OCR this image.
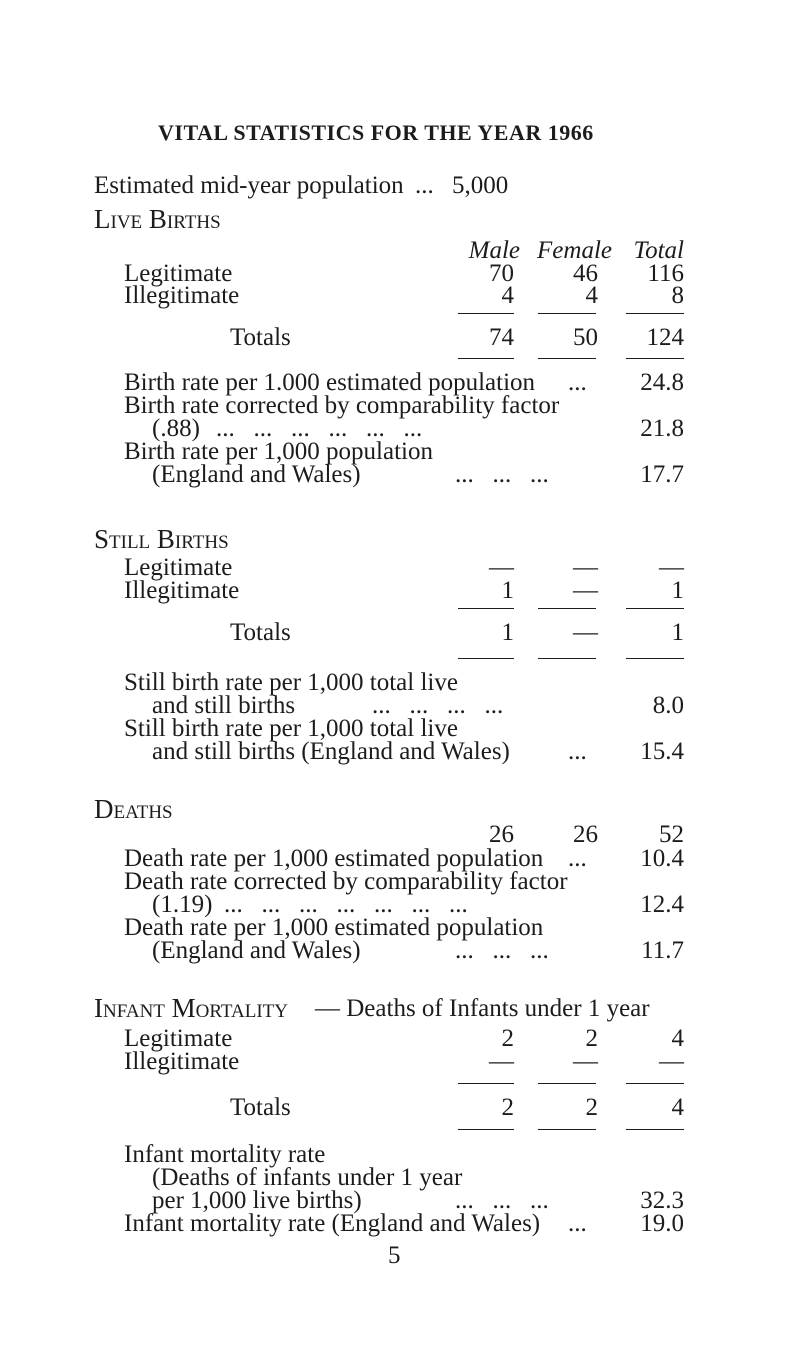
VITAL STATISTICS FOR THE YEAR 1966
Estimated mid-year population ... 5,000
Live Births
Male Female Total
Legitimate	70	46	116
Illegitimate	4	4	8
Totals	74	50	124
Birth rate per 1.000 estimated population ...	24.8
Birth rate corrected by comparability factor
(.88) ...   ...   ...   ...   ...   ...	21.8
Birth rate per 1,000 population
(England and Wales)	...   ...   ...	17.7
Still Births
Legitimate	—	—	—
Illegitimate	1	—	1
Totals	1	—	1
Still birth rate per 1,000 total live
and still births	...   ...   ...   ...	8.0
Still birth rate per 1,000 total live
and still births (England and Wales) ...	15.4
Deaths
26	26	52
Death rate per 1,000 estimated population ...	10.4
Death rate corrected by comparability factor
(1.19) ...   ...   ...   ...   ...   ...   ...	12.4
Death rate per 1,000 estimated population
(England and Wales)	...   ...   ...	11.7
Infant Mortality — Deaths of Infants under 1 year
Legitimate	2	2	4
Illegitimate	—	—	—
Totals	2	2	4
Infant mortality rate
(Deaths of infants under 1 year
per 1,000 live births)	...   ...   ...	32.3
Infant mortality rate (England and Wales) ...	19.0
5
